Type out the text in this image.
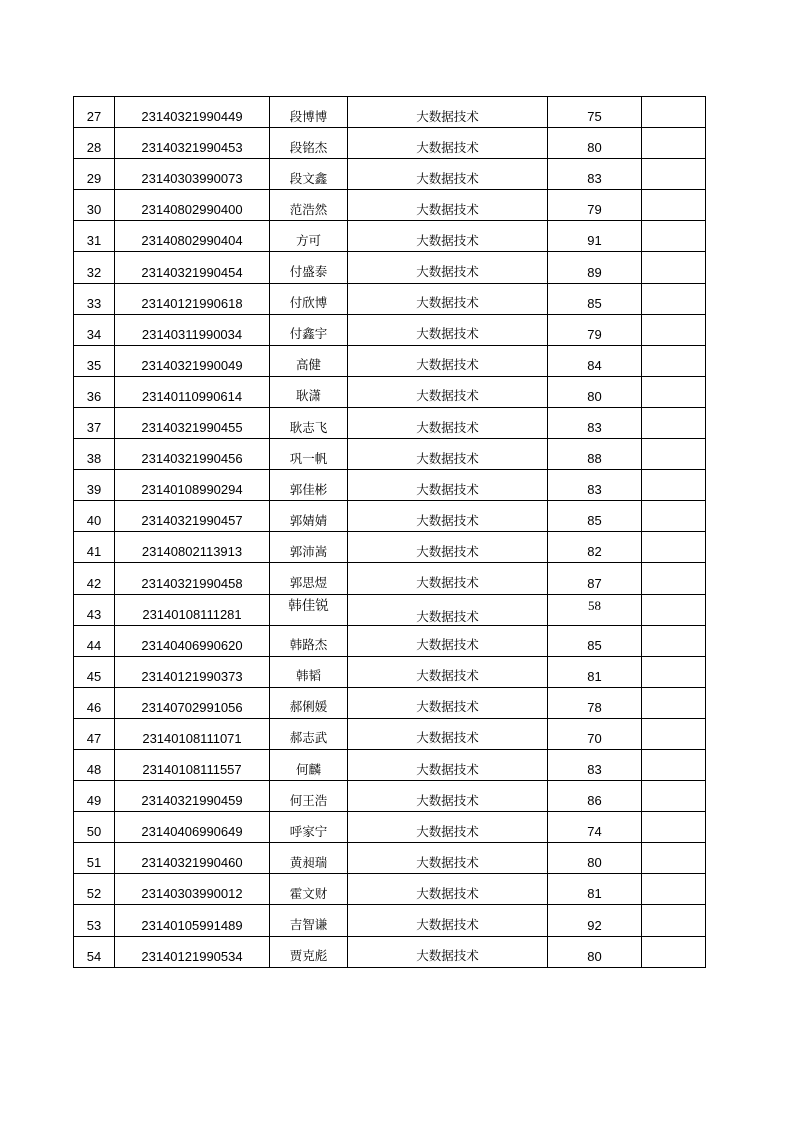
27	23140321990449	段博博	大数据技术	75	
28	23140321990453	段铭杰	大数据技术	80	
29	23140303990073	段文鑫	大数据技术	83	
30	23140802990400	范浩然	大数据技术	79	
31	23140802990404	方可	大数据技术	91	
32	23140321990454	付盛泰	大数据技术	89	
33	23140121990618	付欣博	大数据技术	85	
34	23140311990034	付鑫宇	大数据技术	79	
35	23140321990049	高健	大数据技术	84	
36	23140110990614	耿潇	大数据技术	80	
37	23140321990455	耿志飞	大数据技术	83	
38	23140321990456	巩一帆	大数据技术	88	
39	23140108990294	郭佳彬	大数据技术	83	
40	23140321990457	郭婧婧	大数据技术	85	
41	23140802113913	郭沛嵩	大数据技术	82	
42	23140321990458	郭思煜	大数据技术	87	
43	23140108111281	韩佳锐	大数据技术	58	
44	23140406990620	韩路杰	大数据技术	85	
45	23140121990373	韩韬	大数据技术	81	
46	23140702991056	郝俐媛	大数据技术	78	
47	23140108111071	郝志武	大数据技术	70	
48	23140108111557	何麟	大数据技术	83	
49	23140321990459	何王浩	大数据技术	86	
50	23140406990649	呼家宁	大数据技术	74	
51	23140321990460	黄昶瑞	大数据技术	80	
52	23140303990012	霍文财	大数据技术	81	
53	23140105991489	吉智谦	大数据技术	92	
54	23140121990534	贾克彪	大数据技术	80	
